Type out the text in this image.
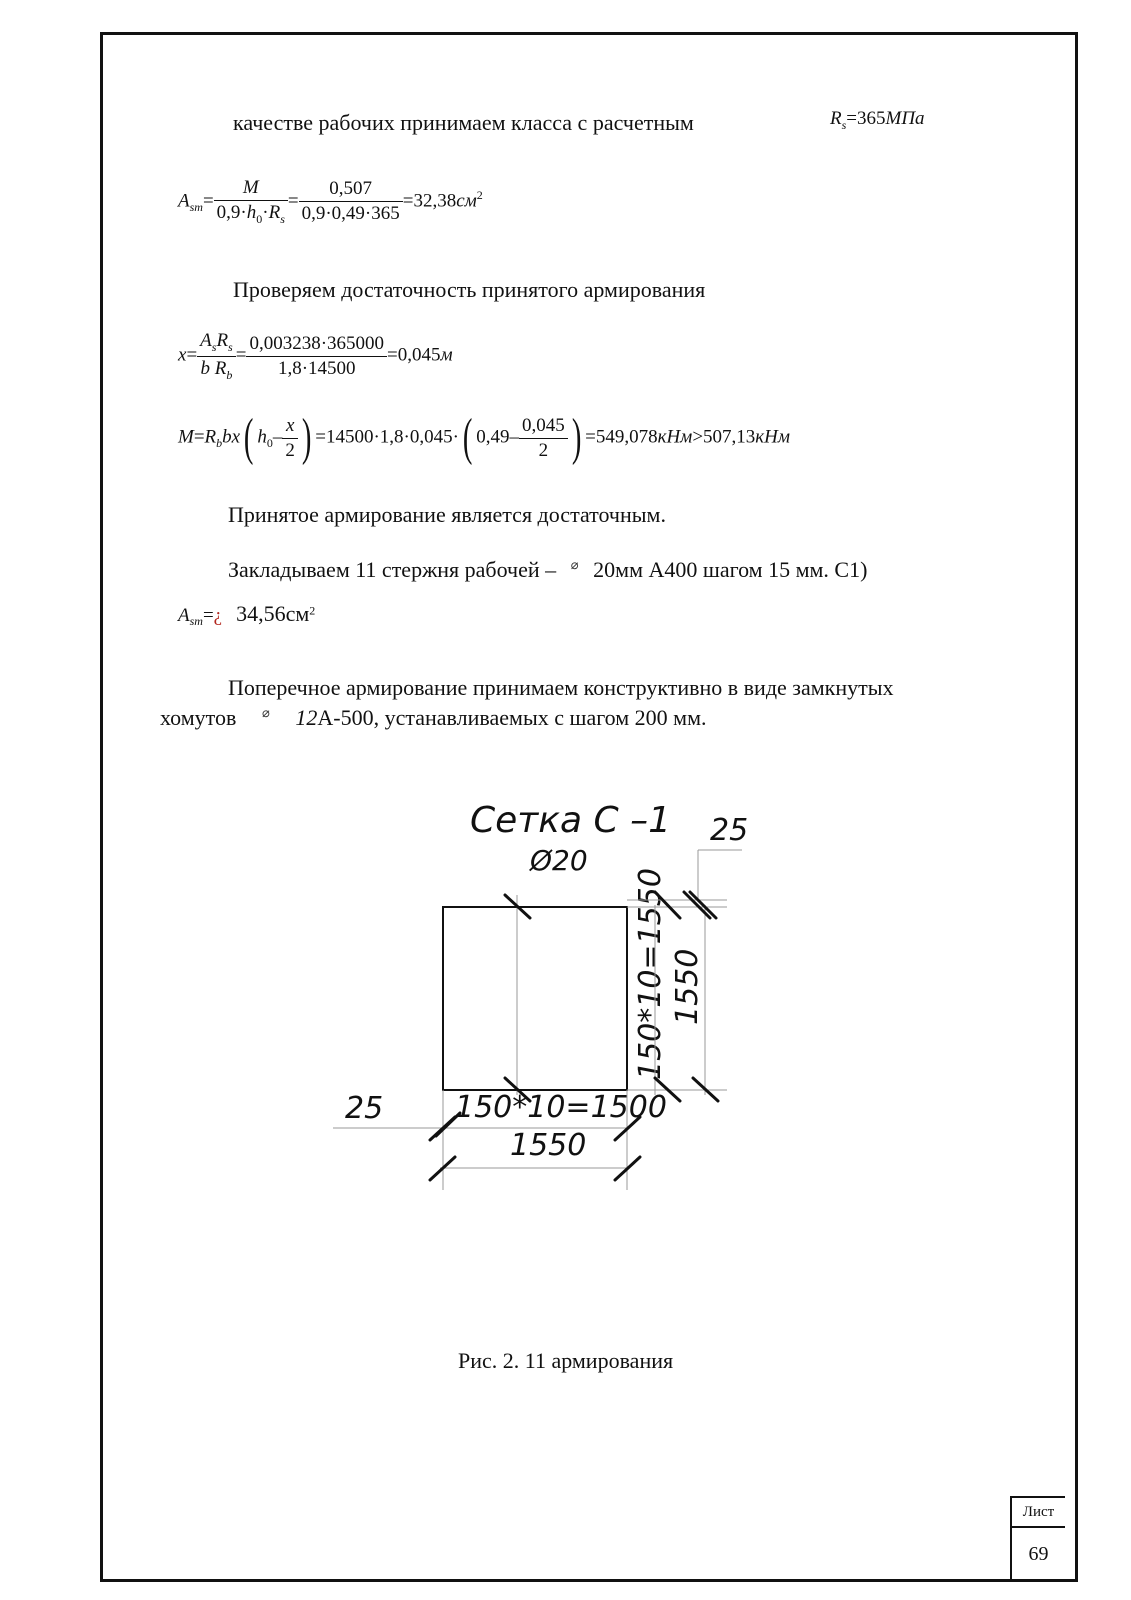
Лист
69
качестве рабочих принимаем класса с расчетным	$R_s=365МПа$
$A_{sm}= \frac{M}{0,9\cdot h_0\cdot R_s} = \frac{0,507}{0,9\cdot 0,49\cdot 365} =32,38см^2$
Проверяем достаточность принятого армирования
$x= \frac{A_sR_s}{b R_b} = \frac{0,003238\cdot 365000}{1,8\cdot 14500} =0,045м$
$M=R_bbx$( $h_0- \frac{x}{2}$ ) =14500·1,8·0,045·( $0,49- \frac{0,045}{2}$ ) =549,078кНм>507,13кНм
Принятое армирование является достаточным.
Закладываем 11 стержня рабочей – ⌀ 20мм А400 шагом 15 мм. С1)
$A_{sm}=¿$ $34,56см^2$
Поперечное армирование принимаем конструктивно в виде замкнутых
хомутов ⌀ 12А-500, устанавливаемых с шагом 200 мм.
Сетка С –1
Ø20
25
25 150*10=1500
1550
150*10=1550 1550
Рис. 2. 11 армирования
